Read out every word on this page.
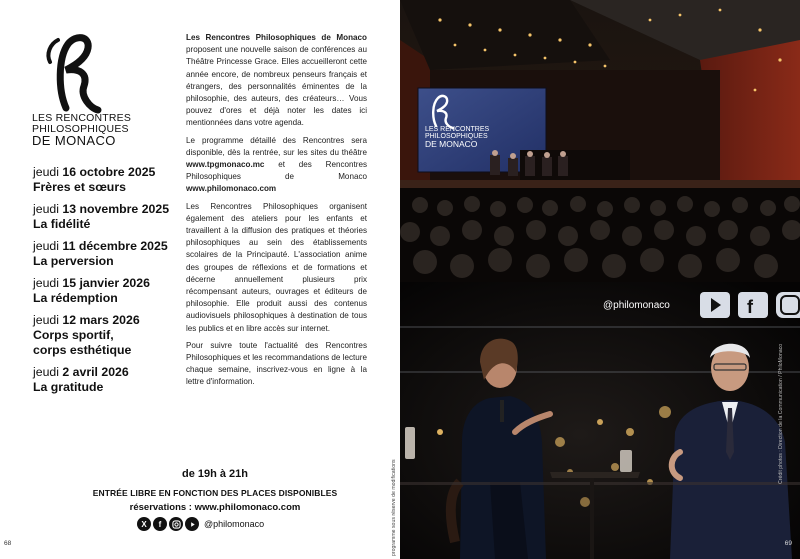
LES RENCONTRES
PHILOSOPHIQUES
DE MONACO
jeudi 16 octobre 2025
Frères et sœurs
jeudi 13 novembre 2025
La fidélité
jeudi 11 décembre 2025
La perversion
jeudi 15 janvier 2026
La rédemption
jeudi 12 mars 2026
Corps sportif,
corps esthétique
jeudi 2 avril 2026
La gratitude

Les Rencontres Philosophiques de Monaco proposent une nouvelle saison de conférences au Théâtre Princesse Grace. Elles accueilleront cette année encore, de nombreux penseurs français et étrangers, des personnalités éminentes de la philosophie, des auteurs, des créateurs… Vous pouvez d'ores et déjà noter les dates ici mentionnées dans votre agenda.

Le programme détaillé des Rencontres sera disponible, dès la rentrée, sur les sites du théâtre www.tpgmonaco.mc et des Rencontres Philosophiques de Monaco www.philomonaco.com

Les Rencontres Philosophiques organisent également des ateliers pour les enfants et travaillent à la diffusion des pratiques et théories philosophiques au sein des établissements scolaires de la Principauté. L'association anime des groupes de réflexions et de formations et décerne annuellement plusieurs prix récompensant auteurs, ouvrages et éditeurs de philosophie. Elle produit aussi des contenus audiovisuels philosophiques à destination de tous les publics et en libre accès sur internet.

Pour suivre toute l'actualité des Rencontres Philosophiques et les recommandations de lecture chaque semaine, inscrivez-vous en ligne à la lettre d'information.

de 19h à 21h
ENTRÉE LIBRE EN FONCTION DES PLACES DISPONIBLES
réservations : www.philomonaco.com
X	f	@philomonaco
68	programme sous réserve de modifications
f
69
LES RENCONTRES
PHILOSOPHIQUES
DE MONACO
@philomonaco
Crédit photos : Direction de la Communication / PhiloMonaco
